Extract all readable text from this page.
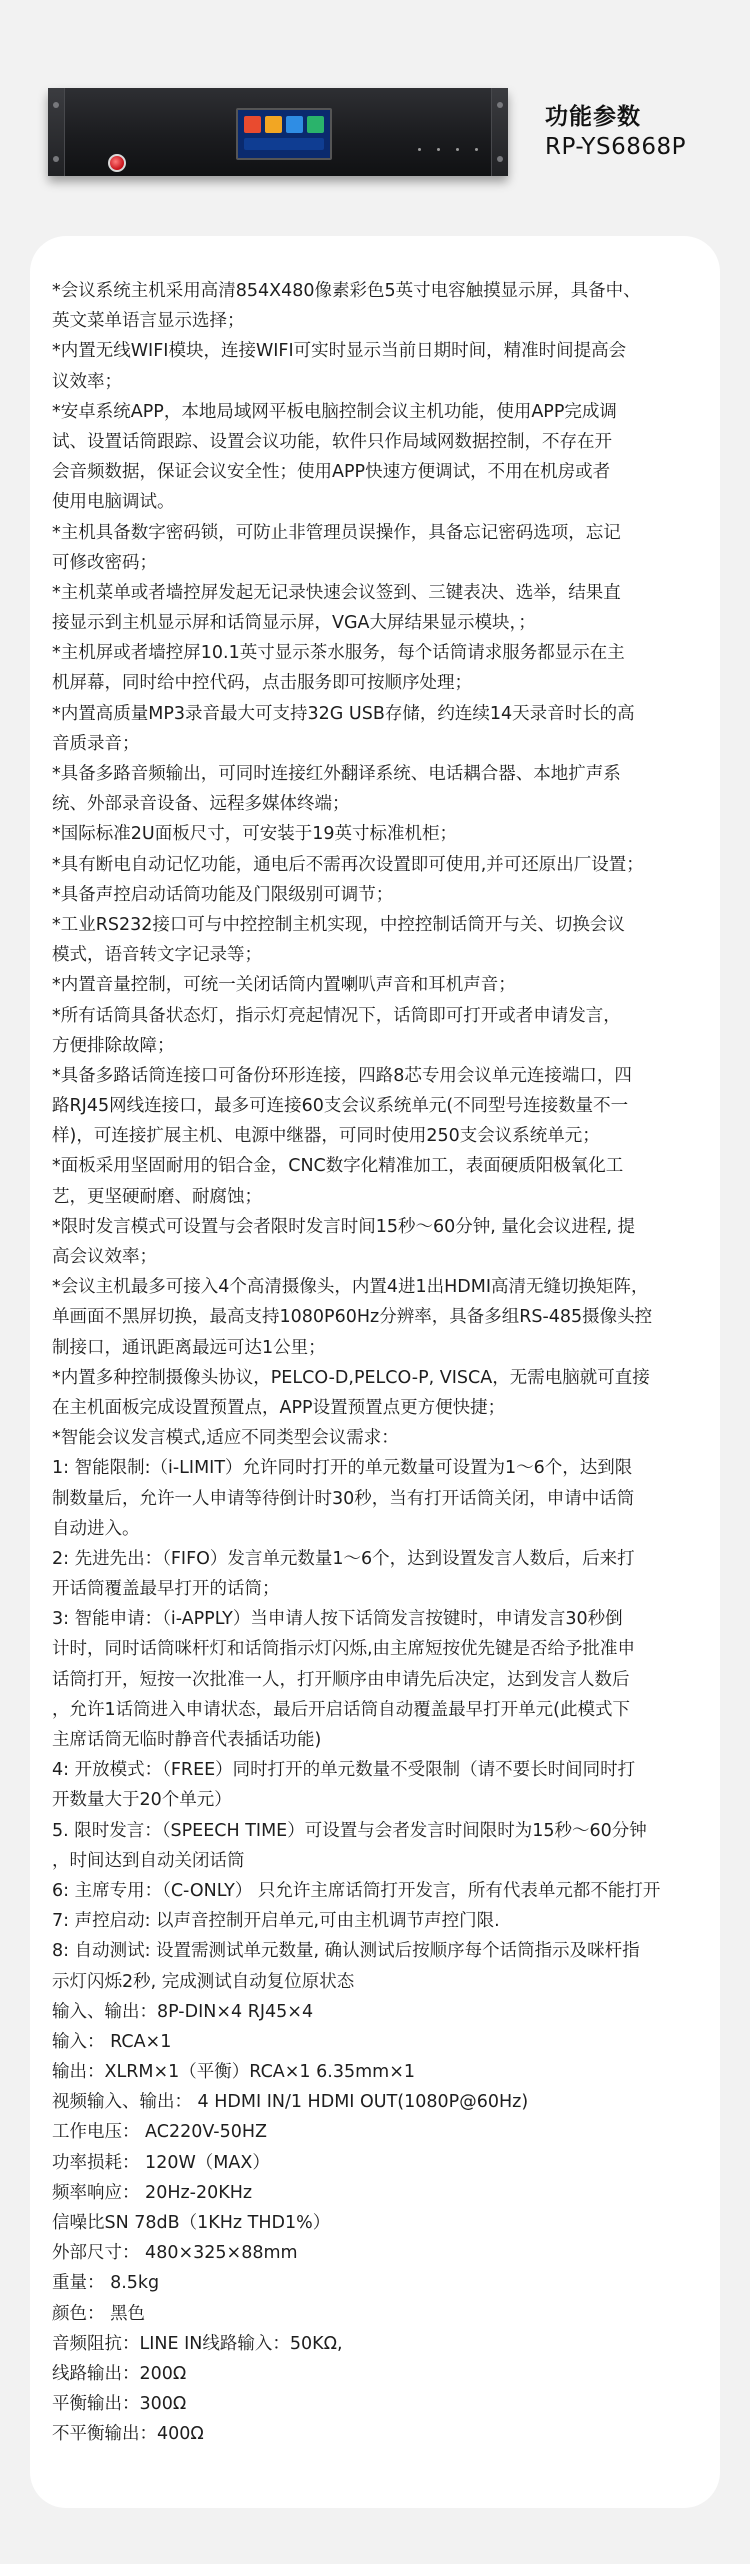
功能参数
RP-YS6868P
*会议系统主机采用高清854X480像素彩色5英寸电容触摸显示屏，具备中、
英文菜单语言显示选择；
*内置无线WIFI模块，连接WIFI可实时显示当前日期时间，精准时间提高会
议效率；
*安卓系统APP，本地局域网平板电脑控制会议主机功能，使用APP完成调
试、设置话筒跟踪、设置会议功能，软件只作局域网数据控制，不存在开
会音频数据，保证会议安全性；使用APP快速方便调试，不用在机房或者
使用电脑调试。
*主机具备数字密码锁，可防止非管理员误操作，具备忘记密码选项，忘记
可修改密码；
*主机菜单或者墙控屏发起无记录快速会议签到、三键表决、选举，结果直
接显示到主机显示屏和话筒显示屏，VGA大屏结果显示模块，；
*主机屏或者墙控屏10.1英寸显示茶水服务，每个话筒请求服务都显示在主
机屏幕，同时给中控代码，点击服务即可按顺序处理；
*内置高质量MP3录音最大可支持32G USB存储，约连续14天录音时长的高
音质录音；
*具备多路音频输出，可同时连接红外翻译系统、电话耦合器、本地扩声系
统、外部录音设备、远程多媒体终端；
*国际标准2U面板尺寸，可安装于19英寸标准机柜；
*具有断电自动记忆功能，通电后不需再次设置即可使用,并可还原出厂设置；
*具备声控启动话筒功能及门限级别可调节；
*工业RS232接口可与中控控制主机实现，中控控制话筒开与关、切换会议
模式，语音转文字记录等；
*内置音量控制，可统一关闭话筒内置喇叭声音和耳机声音；
*所有话筒具备状态灯，指示灯亮起情况下，话筒即可打开或者申请发言，
方便排除故障；
*具备多路话筒连接口可备份环形连接，四路8芯专用会议单元连接端口，四
路RJ45网线连接口，最多可连接60支会议系统单元(不同型号连接数量不一
样)，可连接扩展主机、电源中继器，可同时使用250支会议系统单元；
*面板采用坚固耐用的铝合金，CNC数字化精准加工，表面硬质阳极氧化工
艺，更坚硬耐磨、耐腐蚀；
*限时发言模式可设置与会者限时发言时间15秒～60分钟, 量化会议进程, 提
高会议效率；
*会议主机最多可接入4个高清摄像头，内置4进1出HDMI高清无缝切换矩阵，
单画面不黑屏切换，最高支持1080P60Hz分辨率，具备多组RS-485摄像头控
制接口，通讯距离最远可达1公里；
*内置多种控制摄像头协议，PELCO-D,PELCO-P, VISCA，无需电脑就可直接
在主机面板完成设置预置点，APP设置预置点更方便快捷；
*智能会议发言模式,适应不同类型会议需求：
1: 智能限制:（i-LIMIT）允许同时打开的单元数量可设置为1～6个，达到限
制数量后，允许一人申请等待倒计时30秒，当有打开话筒关闭，申请中话筒
自动进入。
2: 先进先出：（FIFO）发言单元数量1～6个，达到设置发言人数后，后来打
开话筒覆盖最早打开的话筒；
3: 智能申请：（i-APPLY）当申请人按下话筒发言按键时，申请发言30秒倒
计时，同时话筒咪杆灯和话筒指示灯闪烁,由主席短按优先键是否给予批准申
话筒打开，短按一次批准一人，打开顺序由申请先后决定，达到发言人数后
，允许1话筒进入申请状态，最后开启话筒自动覆盖最早打开单元(此模式下
主席话筒无临时静音代表插话功能)
4: 开放模式：（FREE）同时打开的单元数量不受限制（请不要长时间同时打
开数量大于20个单元）
5. 限时发言：（SPEECH TIME）可设置与会者发言时间限时为15秒～60分钟
，时间达到自动关闭话筒
6: 主席专用：（C-ONLY） 只允许主席话筒打开发言，所有代表单元都不能打开
7: 声控启动: 以声音控制开启单元,可由主机调节声控门限.
8: 自动测试: 设置需测试单元数量, 确认测试后按顺序每个话筒指示及咪杆指
示灯闪烁2秒, 完成测试自动复位原状态
输入、输出：8P-DIN×4 RJ45×4
输入： RCA×1
输出：XLRM×1（平衡）RCA×1 6.35mm×1
视频输入、输出： 4 HDMI IN/1 HDMI OUT(1080P@60Hz)
工作电压： AC220V-50HZ
功率损耗： 120W（MAX）
频率响应： 20Hz-20KHz
信噪比SN 78dB（1KHz THD1%）
外部尺寸： 480×325×88mm
重量： 8.5kg
颜色： 黑色
音频阻抗：LINE IN线路输入：50KΩ,
线路输出：200Ω
平衡输出：300Ω
不平衡输出：400Ω
